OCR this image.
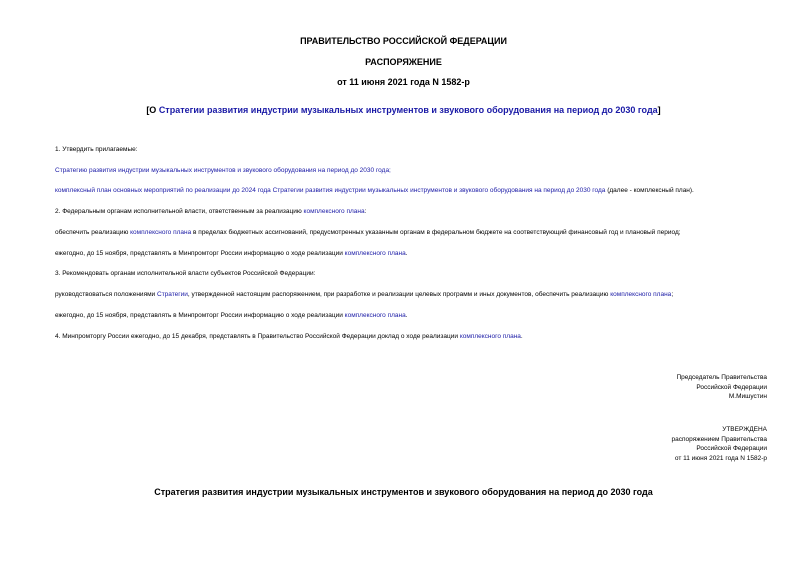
ПРАВИТЕЛЬСТВО РОССИЙСКОЙ ФЕДЕРАЦИИ
РАСПОРЯЖЕНИЕ
от 11 июня 2021 года N 1582-р
[О Стратегии развития индустрии музыкальных инструментов и звукового оборудования на период до 2030 года]
1. Утвердить прилагаемые:
Стратегию развития индустрии музыкальных инструментов и звукового оборудования на период до 2030 года;
комплексный план основных мероприятий по реализации до 2024 года Стратегии развития индустрии музыкальных инструментов и звукового оборудования на период до 2030 года (далее - комплексный план).
2. Федеральным органам исполнительной власти, ответственным за реализацию комплексного плана:
обеспечить реализацию комплексного плана в пределах бюджетных ассигнований, предусмотренных указанным органам в федеральном бюджете на соответствующий финансовый год и плановый период;
ежегодно, до 15 ноября, представлять в Минпромторг России информацию о ходе реализации комплексного плана.
3. Рекомендовать органам исполнительной власти субъектов Российской Федерации:
руководствоваться положениями Стратегии, утвержденной настоящим распоряжением, при разработке и реализации целевых программ и иных документов, обеспечить реализацию комплексного плана;
ежегодно, до 15 ноября, представлять в Минпромторг России информацию о ходе реализации комплексного плана.
4. Минпромторгу России ежегодно, до 15 декабря, представлять в Правительство Российской Федерации доклад о ходе реализации комплексного плана.
Председатель Правительства
Российской Федерации
М.Мишустин
УТВЕРЖДЕНА
распоряжением Правительства
Российской Федерации
от 11 июня 2021 года N 1582-р
Стратегия развития индустрии музыкальных инструментов и звукового оборудования на период до 2030 года
